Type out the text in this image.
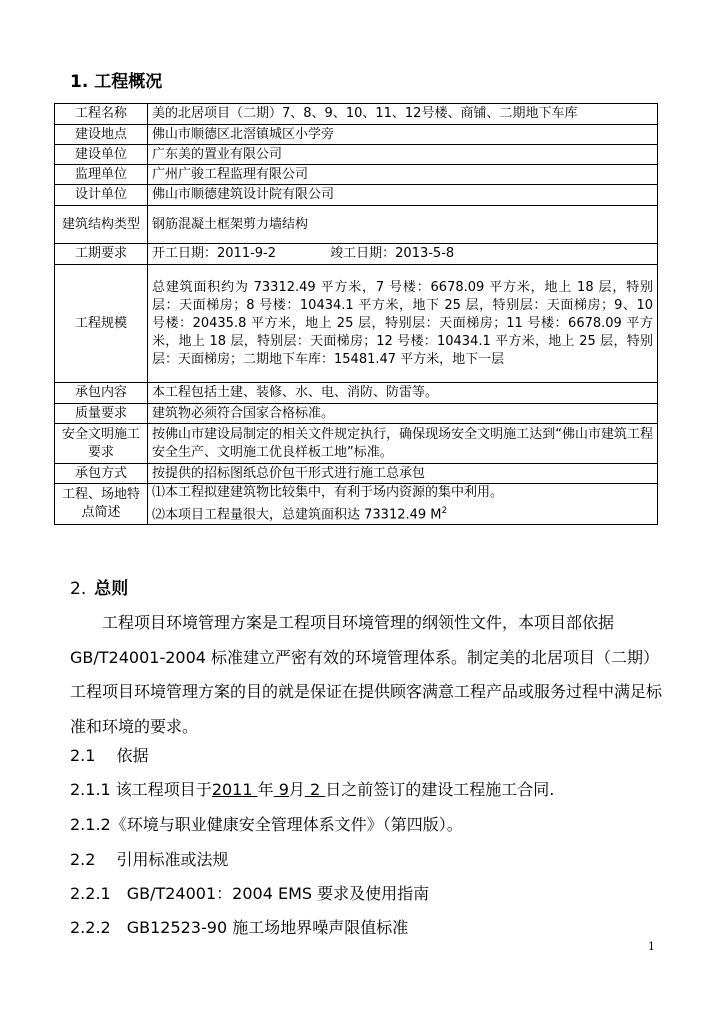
1. 工程概况
工程名称	美的北居项目（二期）7、8、9、10、11、12号楼、商铺、二期地下车库
建设地点	佛山市顺德区北滘镇城区小学旁
建设单位	广东美的置业有限公司
监理单位	广州广骏工程监理有限公司
设计单位	佛山市顺德建筑设计院有限公司
建筑结构类型	钢筋混凝土框架剪力墙结构
工期要求	开工日期：2011-9-2 竣工日期：2013-5-8
工程规模	总建筑面积约为 73312.49 平方米，7 号楼：6678.09 平方米，地上 18 层，特别层：天面梯房；8 号楼：10434.1 平方米，地下 25 层，特别层：天面梯房；9、10 号楼：20435.8 平方米，地上 25 层，特别层：天面梯房；11 号楼：6678.09 平方米，地上 18 层，特别层：天面梯房；12 号楼：10434.1 平方米，地上 25 层，特别层：天面梯房；二期地下车库：15481.47 平方米，地下一层
承包内容	本工程包括土建、装修、水、电、消防、防雷等。
质量要求	建筑物必须符合国家合格标准。
安全文明施工要求	按佛山市建设局制定的相关文件规定执行，确保现场安全文明施工达到“佛山市建筑工程安全生产、文明施工优良样板工地”标准。
承包方式	按提供的招标图纸总价包干形式进行施工总承包
工程、场地特点简述	⑴本工程拟建建筑物比较集中，有利于场内资源的集中利用。
⑵本项目工程量很大，总建筑面积达 73312.49 $M^2$
2. 总则

工程项目环境管理方案是工程项目环境管理的纲领性文件，本项目部依据GB/T24001-2004 标准建立严密有效的环境管理体系。制定美的北居项目（二期）工程项目环境管理方案的目的就是保证在提供顾客满意工程产品或服务过程中满足标准和环境的要求。

2.1　 依据
2.1.1 该工程项目于2011 年 9月 2 日之前签订的建设工程施工合同.
2.1.2《环境与职业健康安全管理体系文件》（第四版）。
2.2　 引用标准或法规
2.2.1　GB/T24001：2004 EMS 要求及使用指南
2.2.2　GB12523-90 施工场地界噪声限值标准
1
